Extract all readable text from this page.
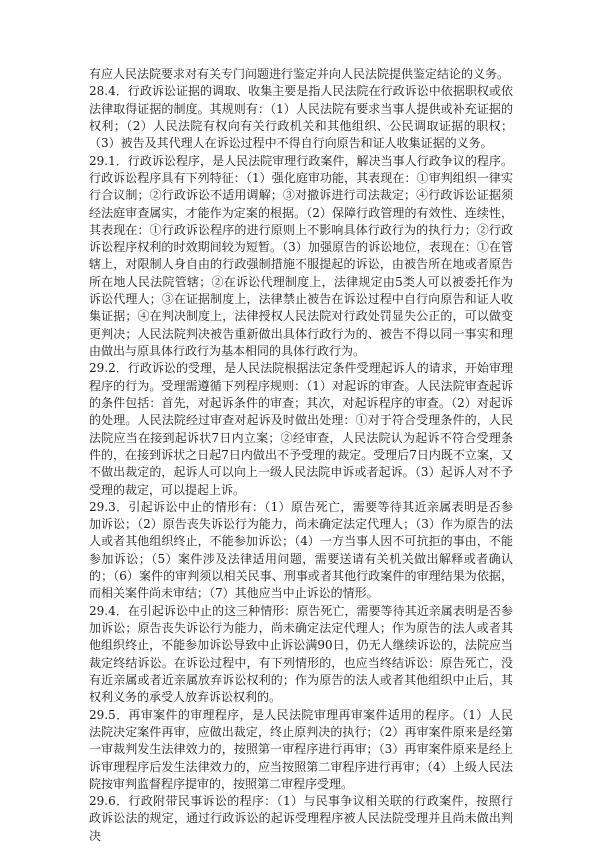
有应人民法院要求对有关专门问题进行鉴定并向人民法院提供鉴定结论的义务。

28.4．行政诉讼证据的调取、收集主要是指人民法院在行政诉讼中依据职权或依法律取得证据的制度。其规则有：（1）人民法院有要求当事人提供或补充证据的权利；（2）人民法院有权向有关行政机关和其他组织、公民调取证据的职权；（3）被告及其代理人在诉讼过程中不得自行向原告和证人收集证据的义务。

29.1．行政诉讼程序，是人民法院审理行政案件，解决当事人行政争议的程序。行政诉讼程序具有下列特征：（1）强化庭审功能，其表现在：①审判组织一律实行合议制；②行政诉讼不适用调解；③对撤诉进行司法裁定；④行政诉讼证据须经法庭审查属实，才能作为定案的根据。（2）保障行政管理的有效性、连续性，其表现在：①行政诉讼程序的进行原则上不影响具体行政行为的执行力；②行政诉讼程序权利的时效期间较为短暂。（3）加强原告的诉讼地位，表现在：①在管辖上，对限制人身自由的行政强制措施不服提起的诉讼，由被告所在地或者原告所在地人民法院管辖；②在诉讼代理制度上，法律规定由5类人可以被委托作为诉讼代理人；③在证据制度上，法律禁止被告在诉讼过程中自行向原告和证人收集证据；④在判决制度上，法律授权人民法院对行政处罚显失公正的，可以做变更判决；人民法院判决被告重新做出具体行政行为的、被告不得以同一事实和理由做出与原具体行政行为基本相同的具体行政行为。

29.2．行政诉讼的受理，是人民法院根据法定条件受理起诉人的请求，开始审理程序的行为。受理需遵循下列程序规则：（1）对起诉的审查。人民法院审查起诉的条件包括：首先，对起诉条件的审查；其次，对起诉程序的审查。（2）对起诉的处理。人民法院经过审查对起诉及时做出处理：①对于符合受理条件的，人民法院应当在接到起诉状7日内立案；②经审查，人民法院认为起诉不符合受理条件的，在接到诉状之日起7日内做出不予受理的裁定。受理后7日内既不立案，又不做出裁定的，起诉人可以向上一级人民法院申诉或者起诉。（3）起诉人对不予受理的裁定，可以提起上诉。

29.3．引起诉讼中止的情形有：（1）原告死亡，需要等待其近亲属表明是否参加诉讼；（2）原告丧失诉讼行为能力，尚未确定法定代理人；（3）作为原告的法人或者其他组织终止，不能参加诉讼；（4）一方当事人因不可抗拒的事由，不能参加诉讼；（5）案件涉及法律适用问题，需要送请有关机关做出解释或者确认的；（6）案件的审判须以相关民事、刑事或者其他行政案件的审理结果为依据，而相关案件尚未审结；（7）其他应当中止诉讼的情形。

29.4．在引起诉讼中止的这三种情形：原告死亡，需要等待其近亲属表明是否参加诉讼；原告丧失诉讼行为能力，尚未确定法定代理人；作为原告的法人或者其他组织终止，不能参加诉讼导致中止诉讼满90日，仍无人继续诉讼的，法院应当裁定终结诉讼。在诉讼过程中，有下列情形的，也应当终结诉讼：原告死亡，没有近亲属或者近亲属放弃诉讼权利的；作为原告的法人或者其他组织中止后，其权利义务的承受人放弃诉讼权利的。

29.5．再审案件的审理程序，是人民法院审理再审案件适用的程序。（1）人民法院决定案件再审，应做出裁定，终止原判决的执行；（2）再审案件原来是经第一审裁判发生法律效力的，按照第一审程序进行再审；（3）再审案件原来是经上诉审理程序后发生法律效力的，应当按照第二审程序进行再审；（4）上级人民法院按审判监督程序提审的，按照第二审程序受理。

29.6．行政附带民事诉讼的程序：（1）与民事争议相关联的行政案件，按照行政诉讼法的规定，通过行政诉讼的起诉受理程序被人民法院受理并且尚未做出判决
